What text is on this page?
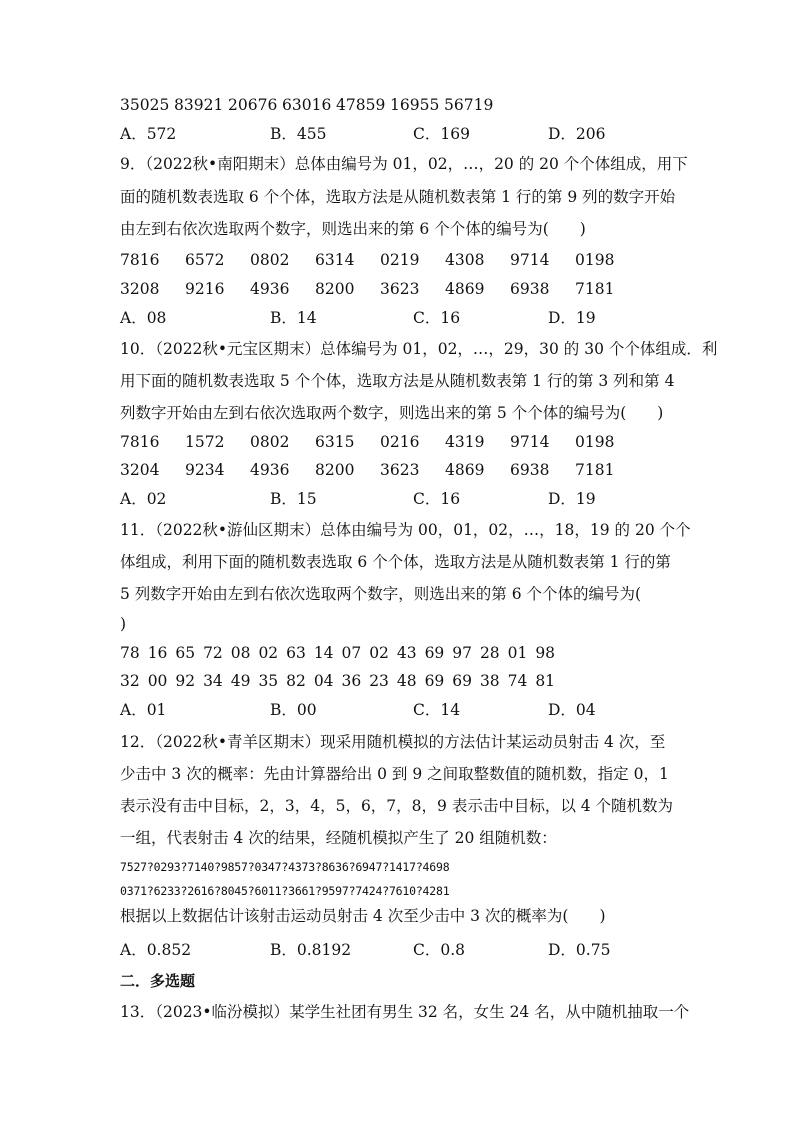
35025 83921 20676 63016 47859 16955 56719
A．572	B．455	C．169	D．206
9．（2022秋•南阳期末）总体由编号为 01，02，…，20 的 20 个个体组成，用下
面的随机数表选取 6 个个体，选取方法是从随机数表第 1 行的第 9 列的数字开始
由左到右依次选取两个数字，则选出来的第 6 个个体的编号为(　　)
7816 6572 0802 6314 0219 4308 9714 0198
3208 9216 4936 8200 3623 4869 6938 7181
A．08	B．14	C．16	D．19
10．（2022秋•元宝区期末）总体编号为 01，02，…，29，30 的 30 个个体组成．利
用下面的随机数表选取 5 个个体，选取方法是从随机数表第 1 行的第 3 列和第 4
列数字开始由左到右依次选取两个数字，则选出来的第 5 个个体的编号为(　　)
7816 1572 0802 6315 0216 4319 9714 0198
3204 9234 4936 8200 3623 4869 6938 7181
A．02	B．15	C．16	D．19
11．（2022秋•游仙区期末）总体由编号为 00，01，02，…，18，19 的 20 个个
体组成，利用下面的随机数表选取 6 个个体，选取方法是从随机数表第 1 行的第
5 列数字开始由左到右依次选取两个数字，则选出来的第 6 个个体的编号为(
)
78 16 65 72 08 02 63 14 07 02 43 69 97 28 01 98
32 00 92 34 49 35 82 04 36 23 48 69 69 38 74 81
A．01	B．00	C．14	D．04
12．（2022秋•青羊区期末）现采用随机模拟的方法估计某运动员射击 4 次，至
少击中 3 次的概率：先由计算器给出 0 到 9 之间取整数值的随机数，指定 0，1
表示没有击中目标，2，3，4，5，6，7，8，9 表示击中目标，以 4 个随机数为
一组，代表射击 4 次的结果，经随机模拟产生了 20 组随机数：
7527?0293?7140?9857?0347?4373?8636?6947?1417?4698
0371?6233?2616?8045?6011?3661?9597?7424?7610?4281
根据以上数据估计该射击运动员射击 4 次至少击中 3 次的概率为(　　)
A．0.852	B．0.8192	C．0.8	D．0.75
二．多选题
13．（2023•临汾模拟）某学生社团有男生 32 名，女生 24 名，从中随机抽取一个
